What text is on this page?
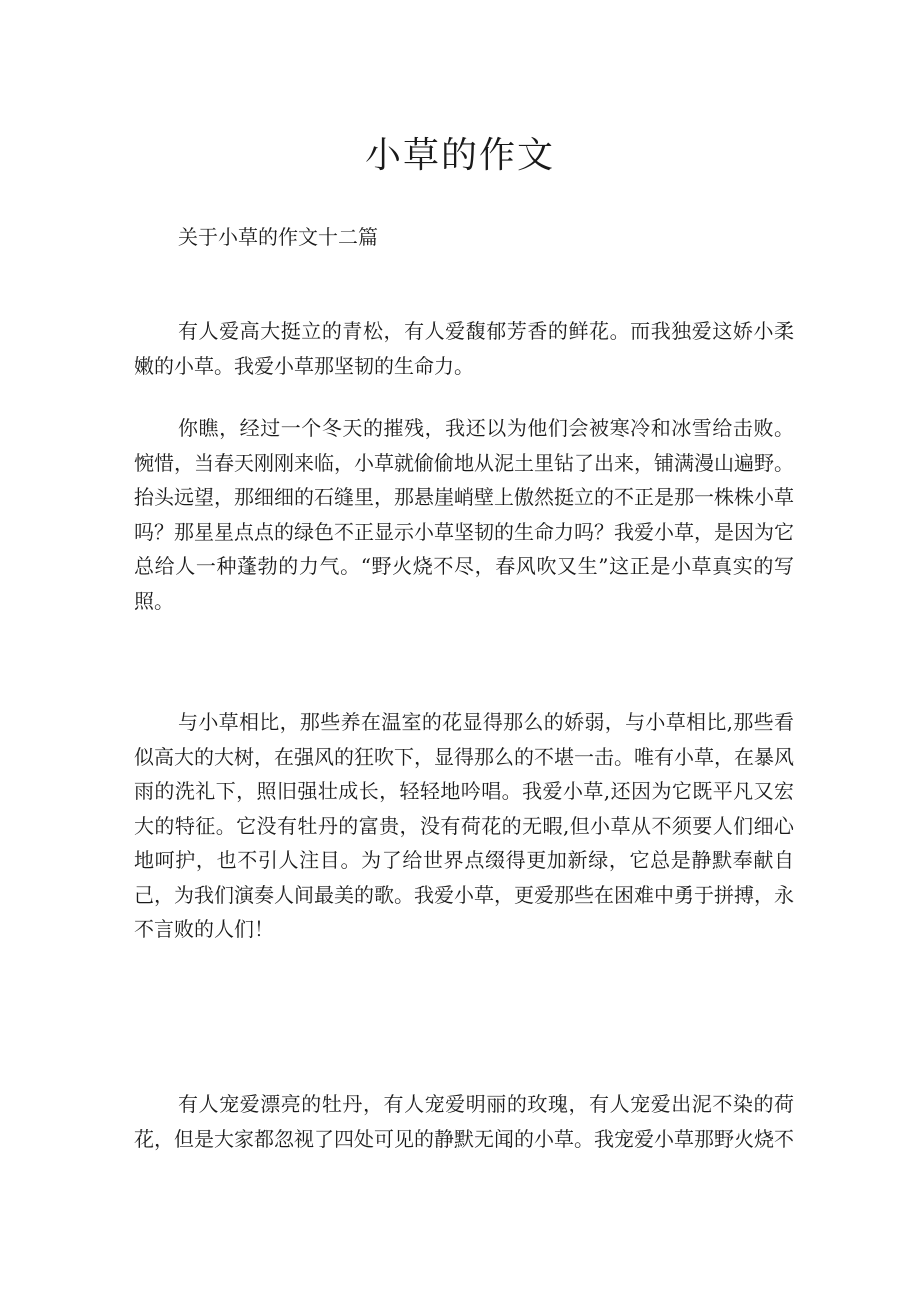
小草的作文

关于小草的作文十二篇

有人爱高大挺立的青松，有人爱馥郁芳香的鲜花。而我独爱这娇小柔嫩的小草。我爱小草那坚韧的生命力。

你瞧，经过一个冬天的摧残，我还以为他们会被寒冷和冰雪给击败。惋惜，当春天刚刚来临，小草就偷偷地从泥土里钻了出来，铺满漫山遍野。抬头远望，那细细的石缝里，那悬崖峭壁上傲然挺立的不正是那一株株小草吗？那星星点点的绿色不正显示小草坚韧的生命力吗？我爱小草，是因为它总给人一种蓬勃的力气。“野火烧不尽，春风吹又生”这正是小草真实的写照。

与小草相比，那些养在温室的花显得那么的娇弱，与小草相比,那些看似高大的大树，在强风的狂吹下，显得那么的不堪一击。唯有小草，在暴风雨的洗礼下，照旧强壮成长，轻轻地吟唱。我爱小草,还因为它既平凡又宏大的特征。它没有牡丹的富贵，没有荷花的无暇,但小草从不须要人们细心地呵护，也不引人注目。为了给世界点缀得更加新绿，它总是静默奉献自己，为我们演奏人间最美的歌。我爱小草，更爱那些在困难中勇于拼搏，永不言败的人们！

有人宠爱漂亮的牡丹，有人宠爱明丽的玫瑰，有人宠爱出泥不染的荷花，但是大家都忽视了四处可见的静默无闻的小草。我宠爱小草那野火烧不
